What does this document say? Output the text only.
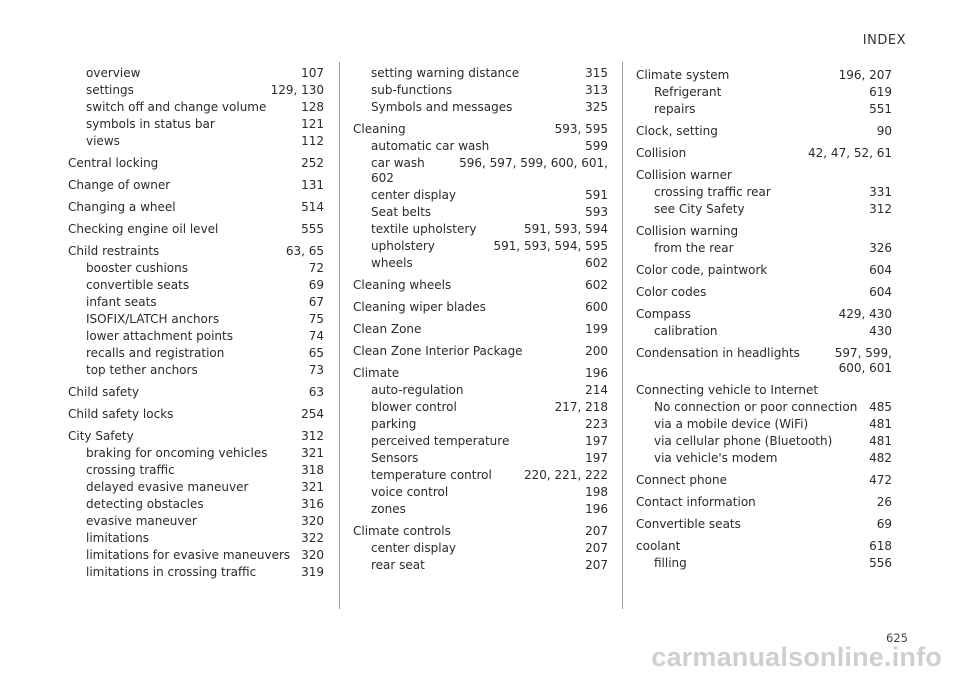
INDEX
overview	107
settings	129, 130
switch off and change volume	128
symbols in status bar	121
views	112
Central locking	252
Change of owner	131
Changing a wheel	514
Checking engine oil level	555
Child restraints	63, 65
booster cushions	72
convertible seats	69
infant seats	67
ISOFIX/LATCH anchors	75
lower attachment points	74
recalls and registration	65
top tether anchors	73
Child safety	63
Child safety locks	254
City Safety	312
braking for oncoming vehicles	321
crossing traffic	318
delayed evasive maneuver	321
detecting obstacles	316
evasive maneuver	320
limitations	322
limitations for evasive maneuvers 320
limitations in crossing traffic	319
setting warning distance	315
sub-functions	313
Symbols and messages	325
Cleaning	593, 595
automatic car wash	599
car wash	596, 597, 599, 600, 601,
602
center display	591
Seat belts	593
textile upholstery	591, 593, 594
upholstery	591, 593, 594, 595
wheels	602
Cleaning wheels	602
Cleaning wiper blades	600
Clean Zone	199
Clean Zone Interior Package	200
Climate	196
auto-regulation	214
blower control	217, 218
parking	223
perceived temperature	197
Sensors	197
temperature control	220, 221, 222
voice control	198
zones	196
Climate controls	207
center display	207
rear seat	207
Climate system	196, 207
Refrigerant	619
repairs	551
Clock, setting	90
Collision	42, 47, 52, 61
Collision warner
crossing traffic rear	331
see City Safety	312
Collision warning
from the rear	326
Color code, paintwork	604
Color codes	604
Compass	429, 430
calibration	430
Condensation in headlights	597, 599,
600, 601
Connecting vehicle to Internet
No connection or poor connection 485
via a mobile device (WiFi)	481
via cellular phone (Bluetooth)	481
via vehicle's modem	482
Connect phone	472
Contact information	26
Convertible seats	69
coolant	618
filling	556
625
carmanualsonline.info
